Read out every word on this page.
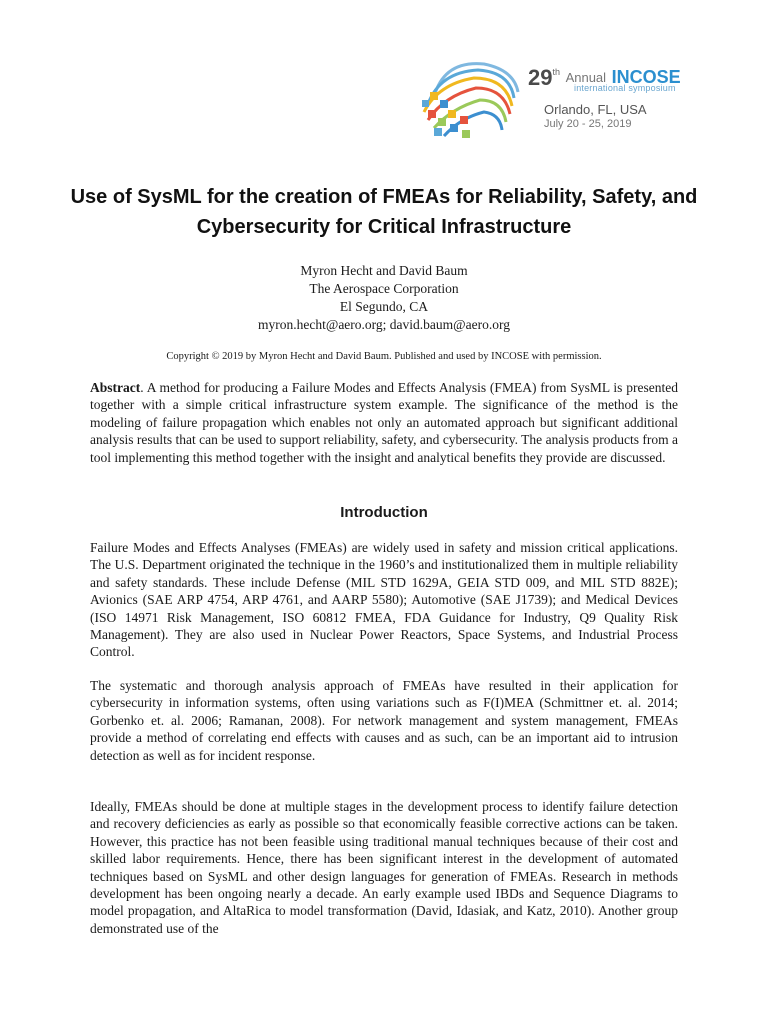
29th Annual INCOSE
international symposium
Orlando, FL, USA
July 20 - 25, 2019
Use of SysML for the creation of FMEAs for Reliability, Safety, and Cybersecurity for Critical Infrastructure
Myron Hecht and David Baum
The Aerospace Corporation
El Segundo, CA
myron.hecht@aero.org; david.baum@aero.org
Copyright © 2019 by Myron Hecht and David Baum. Published and used by INCOSE with permission.

Abstract. A method for producing a Failure Modes and Effects Analysis (FMEA) from SysML is presented together with a simple critical infrastructure system example. The significance of the method is the modeling of failure propagation which enables not only an automated approach but significant additional analysis results that can be used to support reliability, safety, and cybersecurity. The analysis products from a tool implementing this method together with the insight and analytical benefits they provide are discussed.

Introduction

Failure Modes and Effects Analyses (FMEAs) are widely used in safety and mission critical applications. The U.S. Department originated the technique in the 1960’s and institutionalized them in multiple reliability and safety standards. These include Defense (MIL STD 1629A, GEIA STD 009, and MIL STD 882E); Avionics (SAE ARP 4754, ARP 4761, and AARP 5580); Automotive (SAE J1739); and Medical Devices (ISO 14971 Risk Management, ISO 60812 FMEA, FDA Guidance for Industry, Q9 Quality Risk Management). They are also used in Nuclear Power Reactors, Space Systems, and Industrial Process Control.

The systematic and thorough analysis approach of FMEAs have resulted in their application for cybersecurity in information systems, often using variations such as F(I)MEA (Schmittner et. al. 2014; Gorbenko et. al. 2006; Ramanan, 2008). For network management and system management, FMEAs provide a method of correlating end effects with causes and as such, can be an important aid to intrusion detection as well as for incident response.

Ideally, FMEAs should be done at multiple stages in the development process to identify failure detection and recovery deficiencies as early as possible so that economically feasible corrective actions can be taken. However, this practice has not been feasible using traditional manual techniques because of their cost and skilled labor requirements. Hence, there has been significant interest in the development of automated techniques based on SysML and other design languages for generation of FMEAs. Research in methods development has been ongoing nearly a decade. An early example used IBDs and Sequence Diagrams to model propagation, and AltaRica to model transformation (David, Idasiak, and Katz, 2010). Another group demonstrated use of the
